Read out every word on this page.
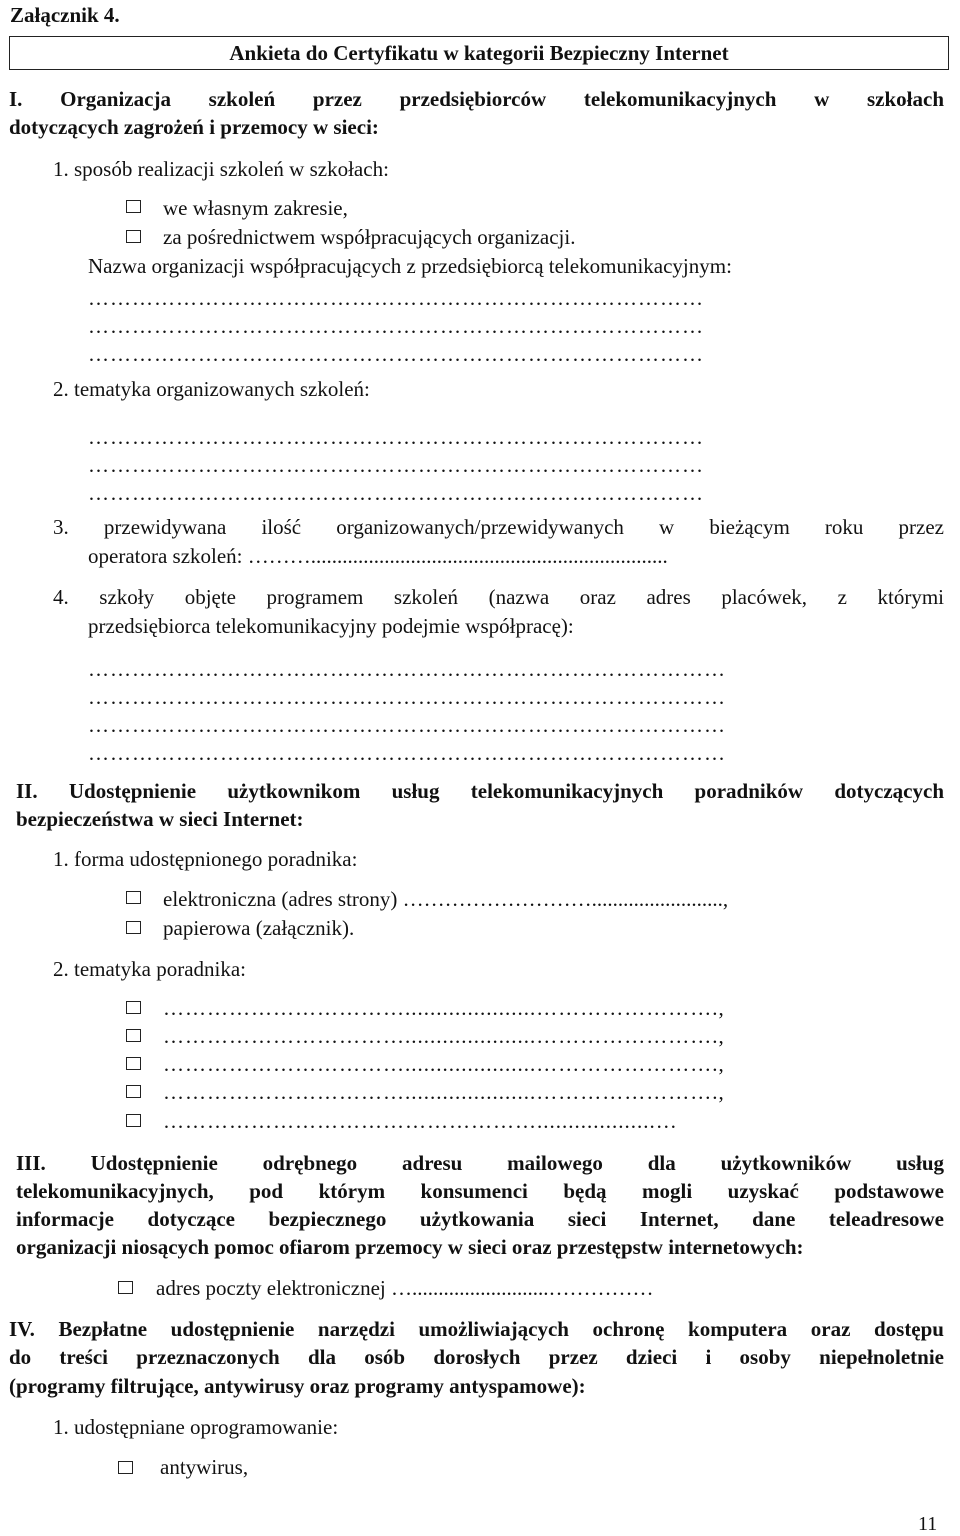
Załącznik 4.
Ankieta do Certyfikatu w kategorii Bezpieczny Internet
I. Organizacja szkoleń przez przedsiębiorców telekomunikacyjnych w szkołach
dotyczących zagrożeń i przemocy w sieci:
1. sposób realizacji szkoleń w szkołach:
we własnym zakresie,
za pośrednictwem współpracujących organizacji.
Nazwa organizacji współpracujących z przedsiębiorcą telekomunikacyjnym:
…………………………………………………………………………
…………………………………………………………………………
…………………………………………………………………………
2. tematyka organizowanych szkoleń:
…………………………………………………………………………
…………………………………………………………………………
…………………………………………………………………………
3. przewidywana ilość organizowanych/przewidywanych w bieżącym roku przez
operatora szkoleń: ………....................................................................
4. szkoły objęte programem szkoleń (nazwa oraz adres placówek, z którymi
przedsiębiorca telekomunikacyjny podejmie współpracę):
……………………………………………………………………………
……………………………………………………………………………
……………………………………………………………………………
……………………………………………………………………………
II. Udostępnienie użytkownikom usług telekomunikacyjnych poradników dotyczących
bezpieczeństwa w sieci Internet:
1. forma udostępnionego poradnika:
elektroniczna (adres strony) ……………………….........................,
papierowa (załącznik).
2. tematyka poradnika:
…………………………….....................…………………….,
…………………………….....................…………………….,
…………………………….....................…………………….,
…………………………….....................…………………….,
……………………………………………...................…
III. Udostępnienie odrębnego adresu mailowego dla użytkowników usług
telekomunikacyjnych, pod którym konsumenci będą mogli uzyskać podstawowe
informacje dotyczące bezpiecznego użytkowania sieci Internet, dane teleadresowe
organizacji niosących pomoc ofiarom przemocy w sieci oraz przestępstw internetowych:
adres poczty elektronicznej …..........................……………
IV. Bezpłatne udostępnienie narzędzi umożliwiających ochronę komputera oraz dostępu
do treści przeznaczonych dla osób dorosłych przez dzieci i osoby niepełnoletnie
(programy filtrujące, antywirusy oraz programy antyspamowe):
1. udostępniane oprogramowanie:
antywirus,
11
